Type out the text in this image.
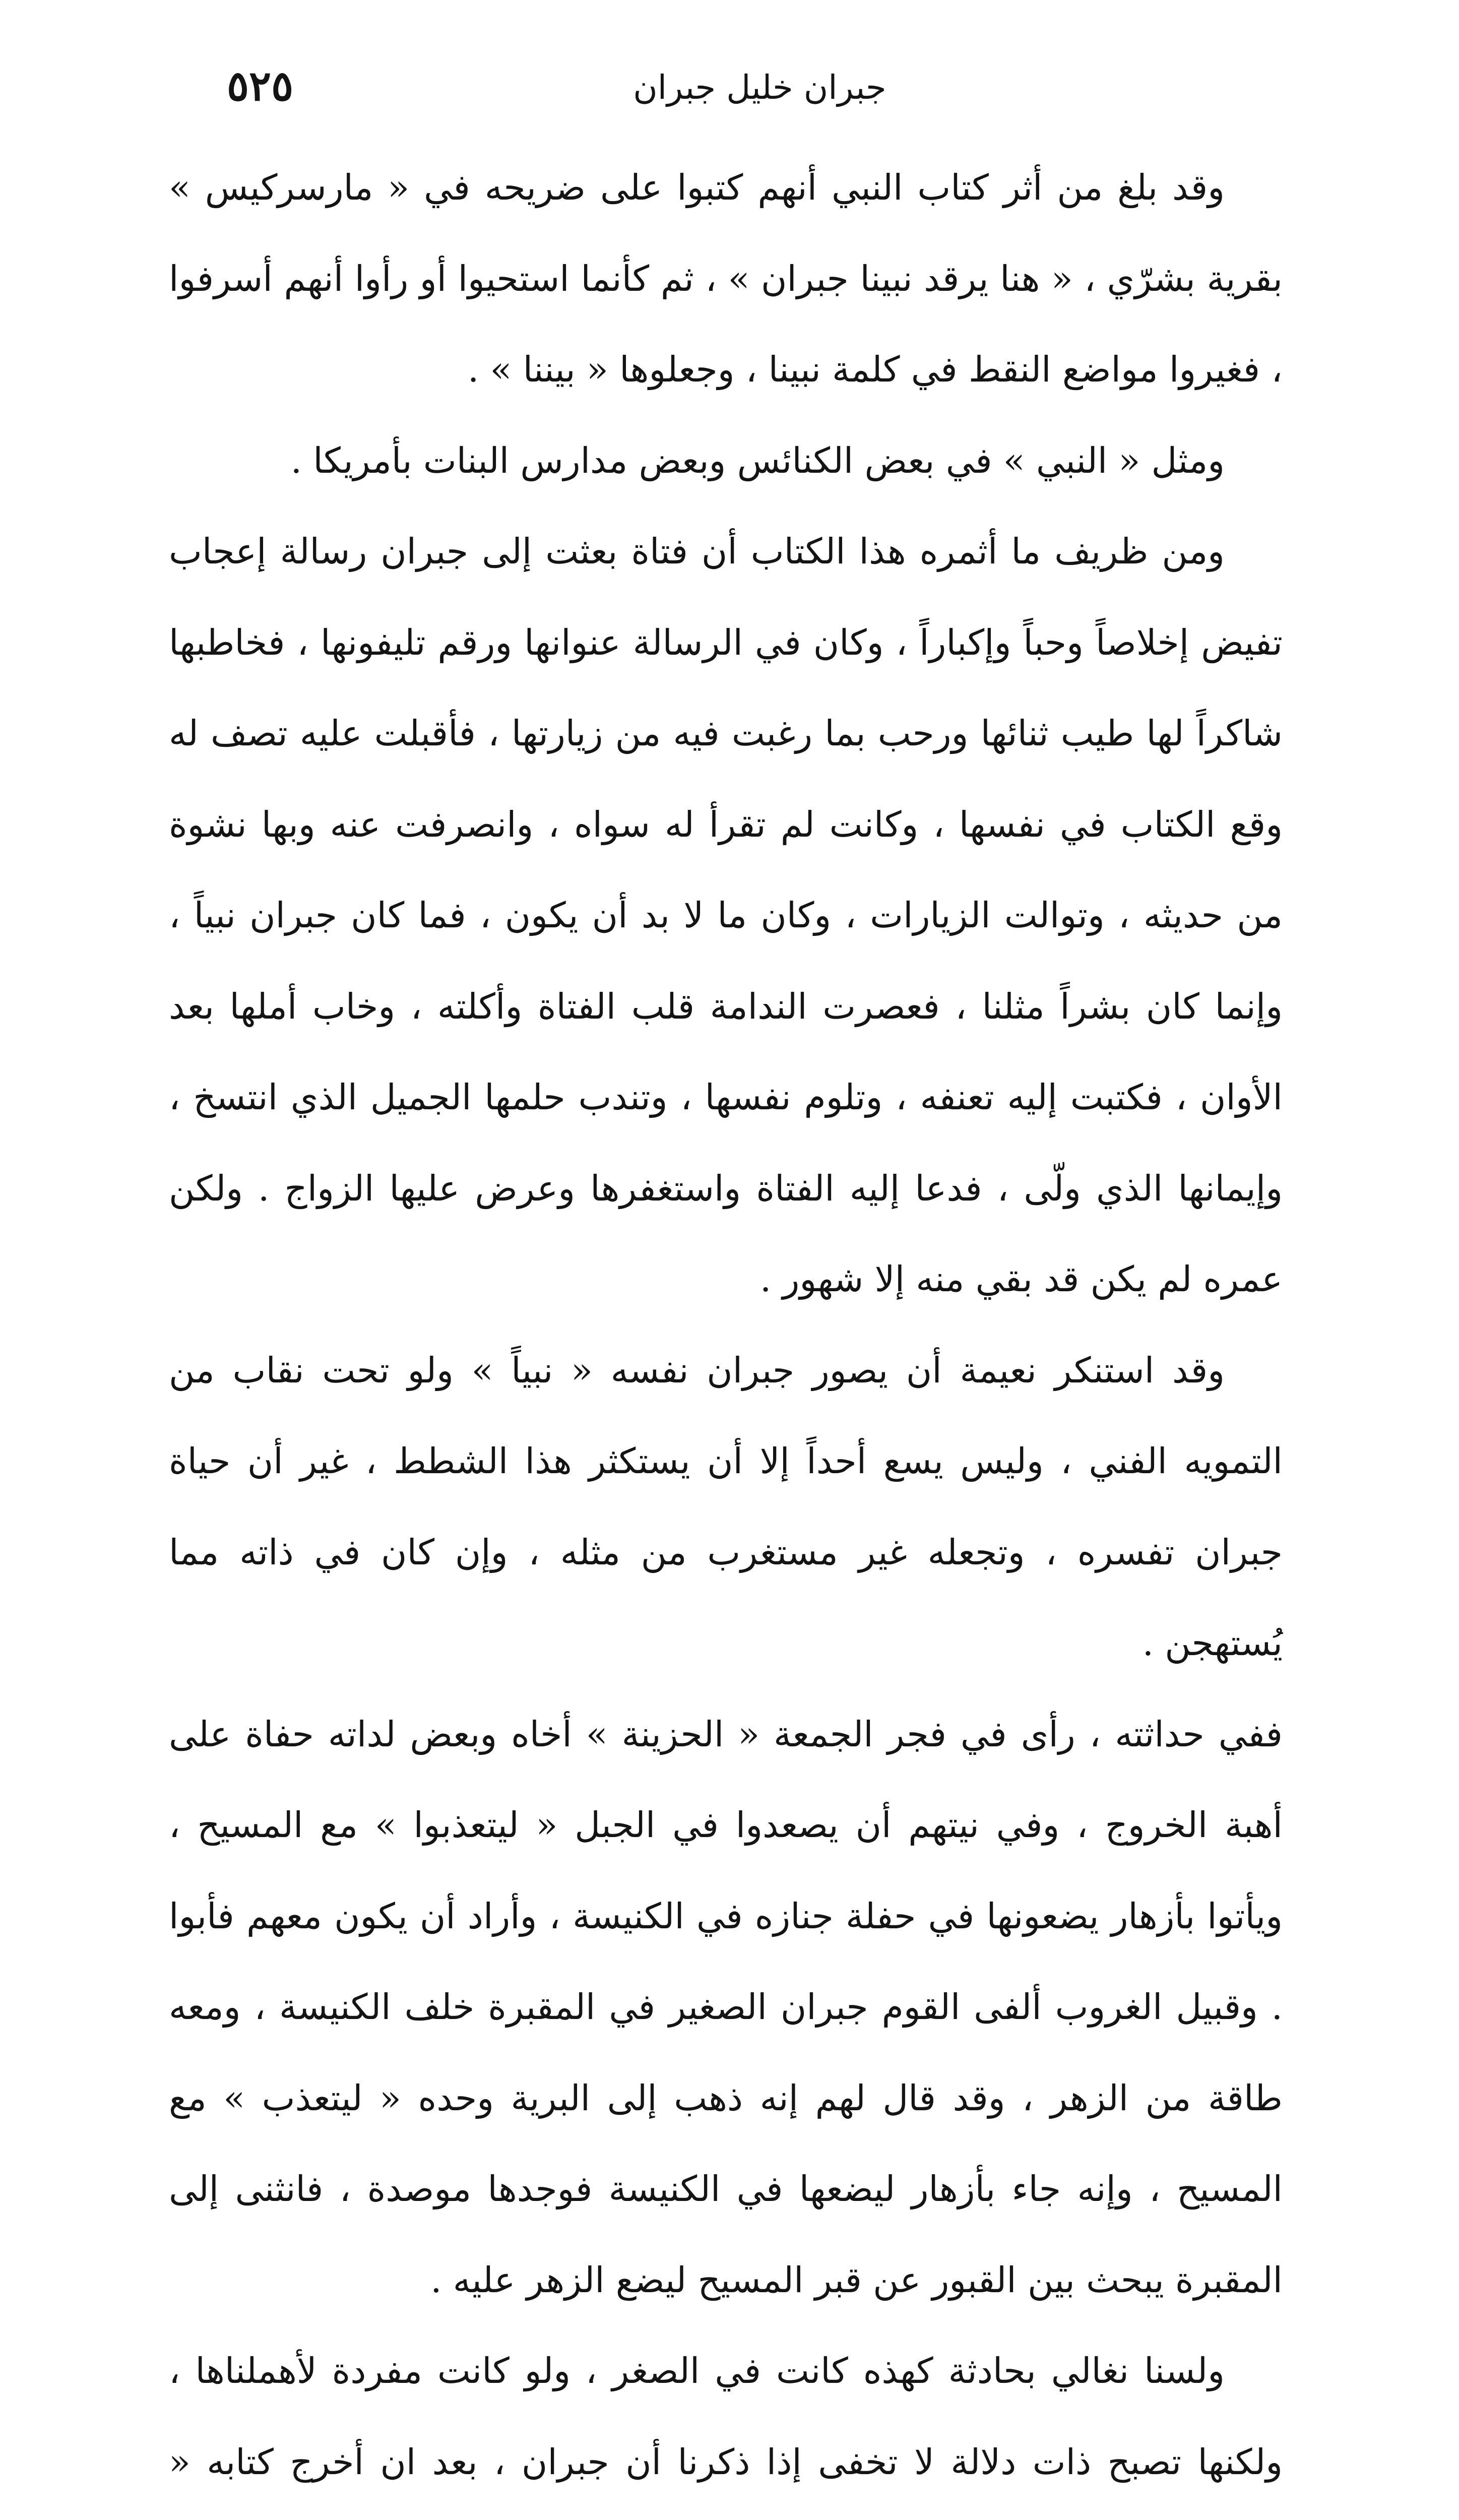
جبران خليل جبران
٥٢٥

وقد بلغ من أثر كتاب النبي أنهم كتبوا على ضريحه في « مارسركيس » بقرية بشرّي ، « هنا يرقد نبينا جبران » ، ثم كأنما استحيوا أو رأوا أنهم أسرفوا ، فغيروا مواضع النقط في كلمة نبينا ، وجعلوها « بيننا » .

ومثل « النبي » في بعض الكنائس وبعض مدارس البنات بأمريكا .

ومن ظريف ما أثمره هذا الكتاب أن فتاة بعثت إلى جبران رسالة إعجاب تفيض إخلاصاً وحباً وإكباراً ، وكان في الرسالة عنوانها ورقم تليفونها ، فخاطبها شاكراً لها طيب ثنائها ورحب بما رغبت فيه من زيارتها ، فأقبلت عليه تصف له وقع الكتاب في نفسها ، وكانت لم تقرأ له سواه ، وانصرفت عنه وبها نشوة من حديثه ، وتوالت الزيارات ، وكان ما لا بد أن يكون ، فما كان جبران نبياً ، وإنما كان بشراً مثلنا ، فعصرت الندامة قلب الفتاة وأكلته ، وخاب أملها بعد الأوان ، فكتبت إليه تعنفه ، وتلوم نفسها ، وتندب حلمها الجميل الذي انتسخ ، وإيمانها الذي ولّى ، فدعا إليه الفتاة واستغفرها وعرض عليها الزواج . ولكن عمره لم يكن قد بقي منه إلا شهور .

وقد استنكر نعيمة أن يصور جبران نفسه « نبياً » ولو تحت نقاب من التمويه الفني ، وليس يسع أحداً إلا أن يستكثر هذا الشطط ، غير أن حياة جبران تفسره ، وتجعله غير مستغرب من مثله ، وإن كان في ذاته مما يُستهجن .

ففي حداثته ، رأى في فجر الجمعة « الحزينة » أخاه وبعض لداته حفاة على أهبة الخروج ، وفي نيتهم أن يصعدوا في الجبل « ليتعذبوا » مع المسيح ، ويأتوا بأزهار يضعونها في حفلة جنازه في الكنيسة ، وأراد أن يكون معهم فأبوا . وقبيل الغروب ألفى القوم جبران الصغير في المقبرة خلف الكنيسة ، ومعه طاقة من الزهر ، وقد قال لهم إنه ذهب إلى البرية وحده « ليتعذب » مع المسيح ، وإنه جاء بأزهار ليضعها في الكنيسة فوجدها موصدة ، فانثنى إلى المقبرة يبحث بين القبور عن قبر المسيح ليضع الزهر عليه .

ولسنا نغالي بحادثة كهذه كانت في الصغر ، ولو كانت مفردة لأهملناها ، ولكنها تصبح ذات دلالة لا تخفى إذا ذكرنا أن جبران ، بعد ان أخرج كتابه «
